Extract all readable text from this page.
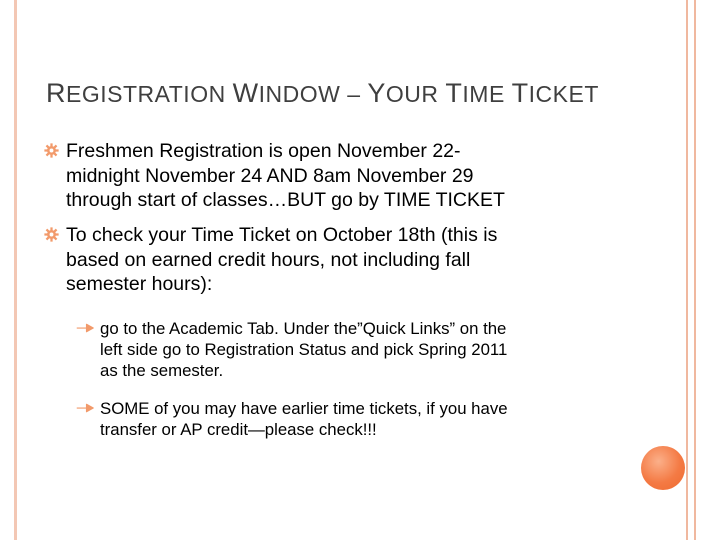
REGISTRATION WINDOW – YOUR TIME TICKET
Freshmen Registration is open November 22-
midnight November 24 AND 8am November 29
through start of classes…BUT go by TIME TICKET
To check your Time Ticket on October 18th (this is
based on earned credit hours, not including fall
semester hours):
go to the Academic Tab. Under the”Quick Links” on the
left side go to Registration Status and pick Spring 2011
as the semester.
SOME of you may have earlier time tickets, if you have
transfer or AP credit—please check!!!
